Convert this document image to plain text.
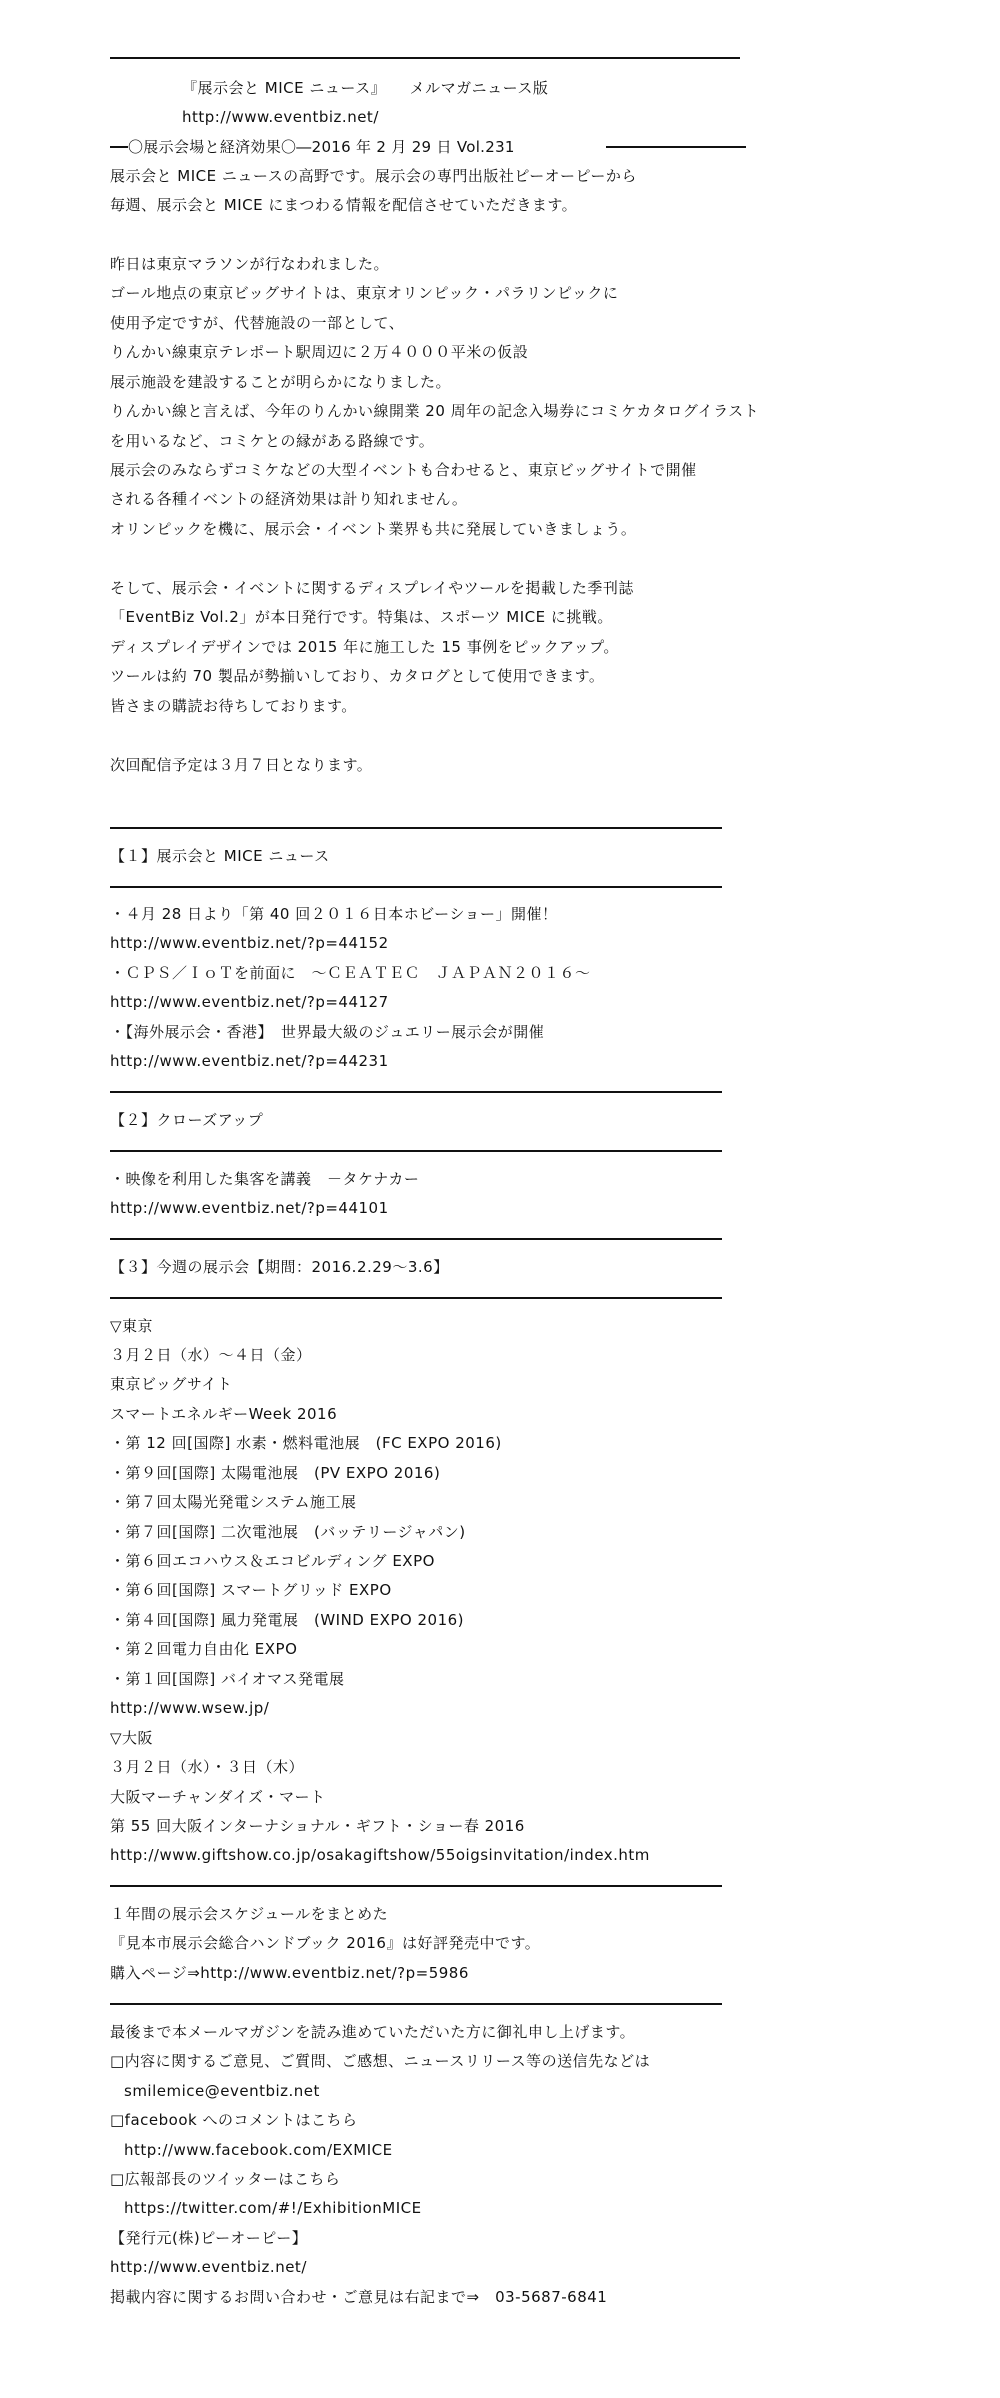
『展示会と MICE ニュース』　　メルマガニュース版
http://www.eventbiz.net/
〇展示会場と経済効果〇―2016 年 2 月 29 日 Vol.231
展示会と MICE ニュースの高野です。展示会の専門出版社ピーオーピーから
毎週、展示会と MICE にまつわる情報を配信させていただきます。
昨日は東京マラソンが行なわれました。
ゴール地点の東京ビッグサイトは、東京オリンピック・パラリンピックに
使用予定ですが、代替施設の一部として、
りんかい線東京テレポート駅周辺に２万４０００平米の仮設
展示施設を建設することが明らかになりました。
りんかい線と言えば、今年のりんかい線開業 20 周年の記念入場券にコミケカタログイラスト
を用いるなど、コミケとの縁がある路線です。
展示会のみならずコミケなどの大型イベントも合わせると、東京ビッグサイトで開催
される各種イベントの経済効果は計り知れません。
オリンピックを機に、展示会・イベント業界も共に発展していきましょう。
そして、展示会・イベントに関するディスプレイやツールを掲載した季刊誌
「EventBiz Vol.2」が本日発行です。特集は、スポーツ MICE に挑戦。
ディスプレイデザインでは 2015 年に施工した 15 事例をピックアップ。
ツールは約 70 製品が勢揃いしており、カタログとして使用できます。
皆さまの購読お待ちしております。
次回配信予定は３月７日となります。
【１】展示会と MICE ニュース
・４月 28 日より「第 40 回２０１６日本ホビーショー」開催！
http://www.eventbiz.net/?p=44152
・ＣＰＳ／ＩｏＴを前面に　～ＣＥＡＴＥＣ　ＪＡＰＡＮ２０１６～
http://www.eventbiz.net/?p=44127
・【海外展示会・香港】　世界最大級のジュエリー展示会が開催
http://www.eventbiz.net/?p=44231
【２】クローズアップ
・映像を利用した集客を講義　－タケナカー
http://www.eventbiz.net/?p=44101
【３】今週の展示会【期間：2016.2.29～3.6】
▽東京
３月２日（水）～４日（金）
東京ビッグサイト
スマートエネルギーWeek 2016
・第 12 回[国際] 水素・燃料電池展　(FC EXPO 2016)
・第９回[国際] 太陽電池展　(PV EXPO 2016)
・第７回太陽光発電システム施工展
・第７回[国際] 二次電池展　(バッテリージャパン)
・第６回エコハウス＆エコビルディング EXPO
・第６回[国際] スマートグリッド EXPO
・第４回[国際] 風力発電展　(WIND EXPO 2016)
・第２回電力自由化 EXPO
・第１回[国際] バイオマス発電展
http://www.wsew.jp/
▽大阪
３月２日（水）・３日（木）
大阪マーチャンダイズ・マート
第 55 回大阪インターナショナル・ギフト・ショー春 2016
http://www.giftshow.co.jp/osakagiftshow/55oigsinvitation/index.htm
１年間の展示会スケジュールをまとめた
『見本市展示会総合ハンドブック 2016』は好評発売中です。
購入ページ⇒http://www.eventbiz.net/?p=5986
最後まで本メールマガジンを読み進めていただいた方に御礼申し上げます。
□内容に関するご意見、ご質問、ご感想、ニュースリリース等の送信先などは
smilemice@eventbiz.net
□facebook へのコメントはこちら
http://www.facebook.com/EXMICE
□広報部長のツイッターはこちら
https://twitter.com/#!/ExhibitionMICE
【発行元(株)ピーオーピー】
http://www.eventbiz.net/
掲載内容に関するお問い合わせ・ご意見は右記まで⇒　03-5687-6841
